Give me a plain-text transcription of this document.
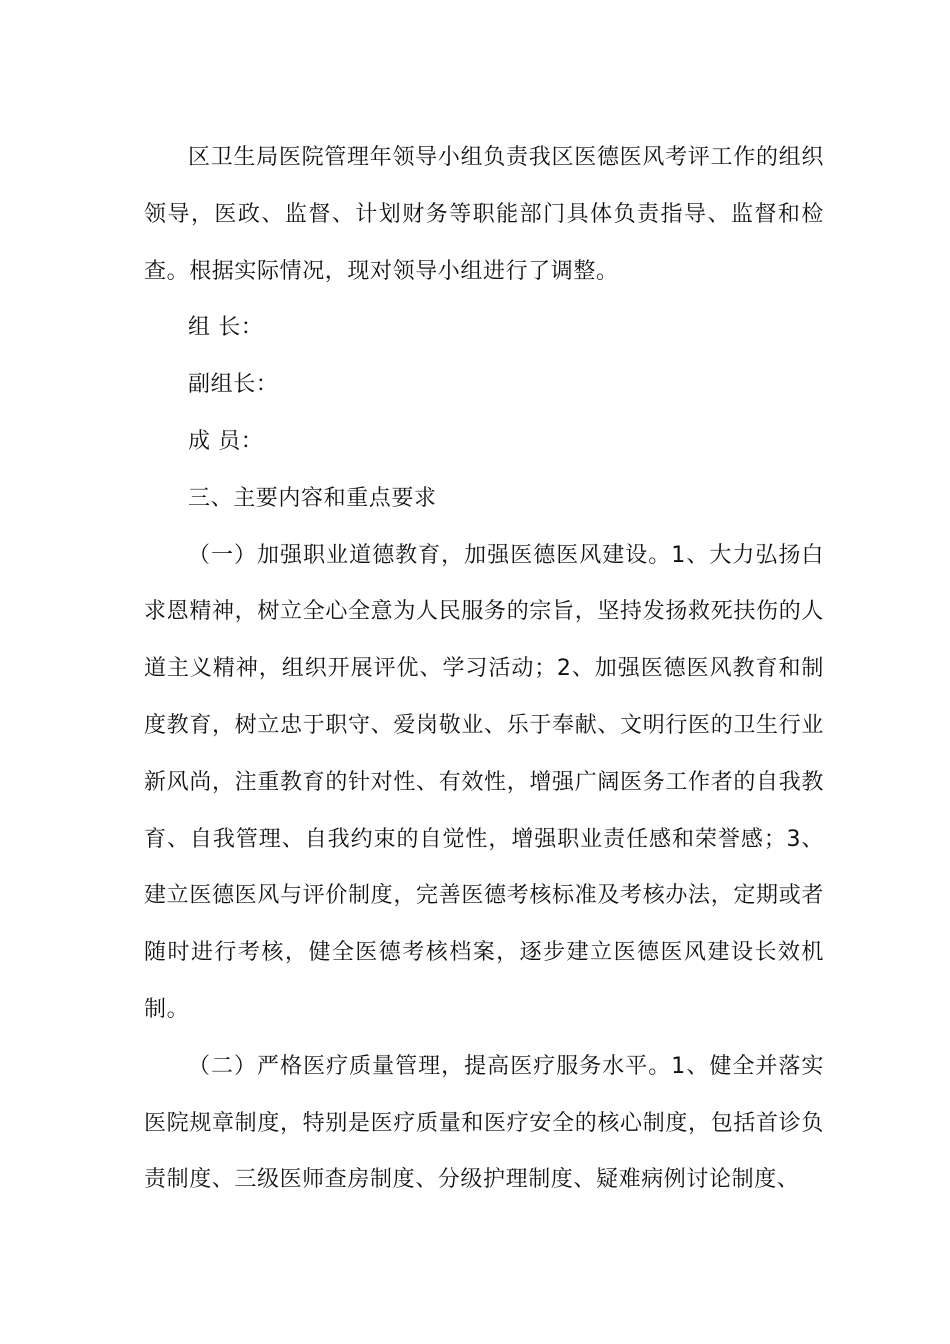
区卫生局医院管理年领导小组负责我区医德医风考评工作的组织领导，医政、监督、计划财务等职能部门具体负责指导、监督和检查。根据实际情况，现对领导小组进行了调整。

组 长：

副组长：

成 员：

三、主要内容和重点要求

（一）加强职业道德教育，加强医德医风建设。1、大力弘扬白求恩精神，树立全心全意为人民服务的宗旨，坚持发扬救死扶伤的人道主义精神，组织开展评优、学习活动；2、加强医德医风教育和制度教育，树立忠于职守、爱岗敬业、乐于奉献、文明行医的卫生行业新风尚，注重教育的针对性、有效性，增强广阔医务工作者的自我教育、自我管理、自我约束的自觉性，增强职业责任感和荣誉感；3、建立医德医风与评价制度，完善医德考核标准及考核办法，定期或者随时进行考核，健全医德考核档案，逐步建立医德医风建设长效机制。

（二）严格医疗质量管理，提高医疗服务水平。1、健全并落实医院规章制度，特别是医疗质量和医疗安全的核心制度，包括首诊负责制度、三级医师查房制度、分级护理制度、疑难病例讨论制度、
